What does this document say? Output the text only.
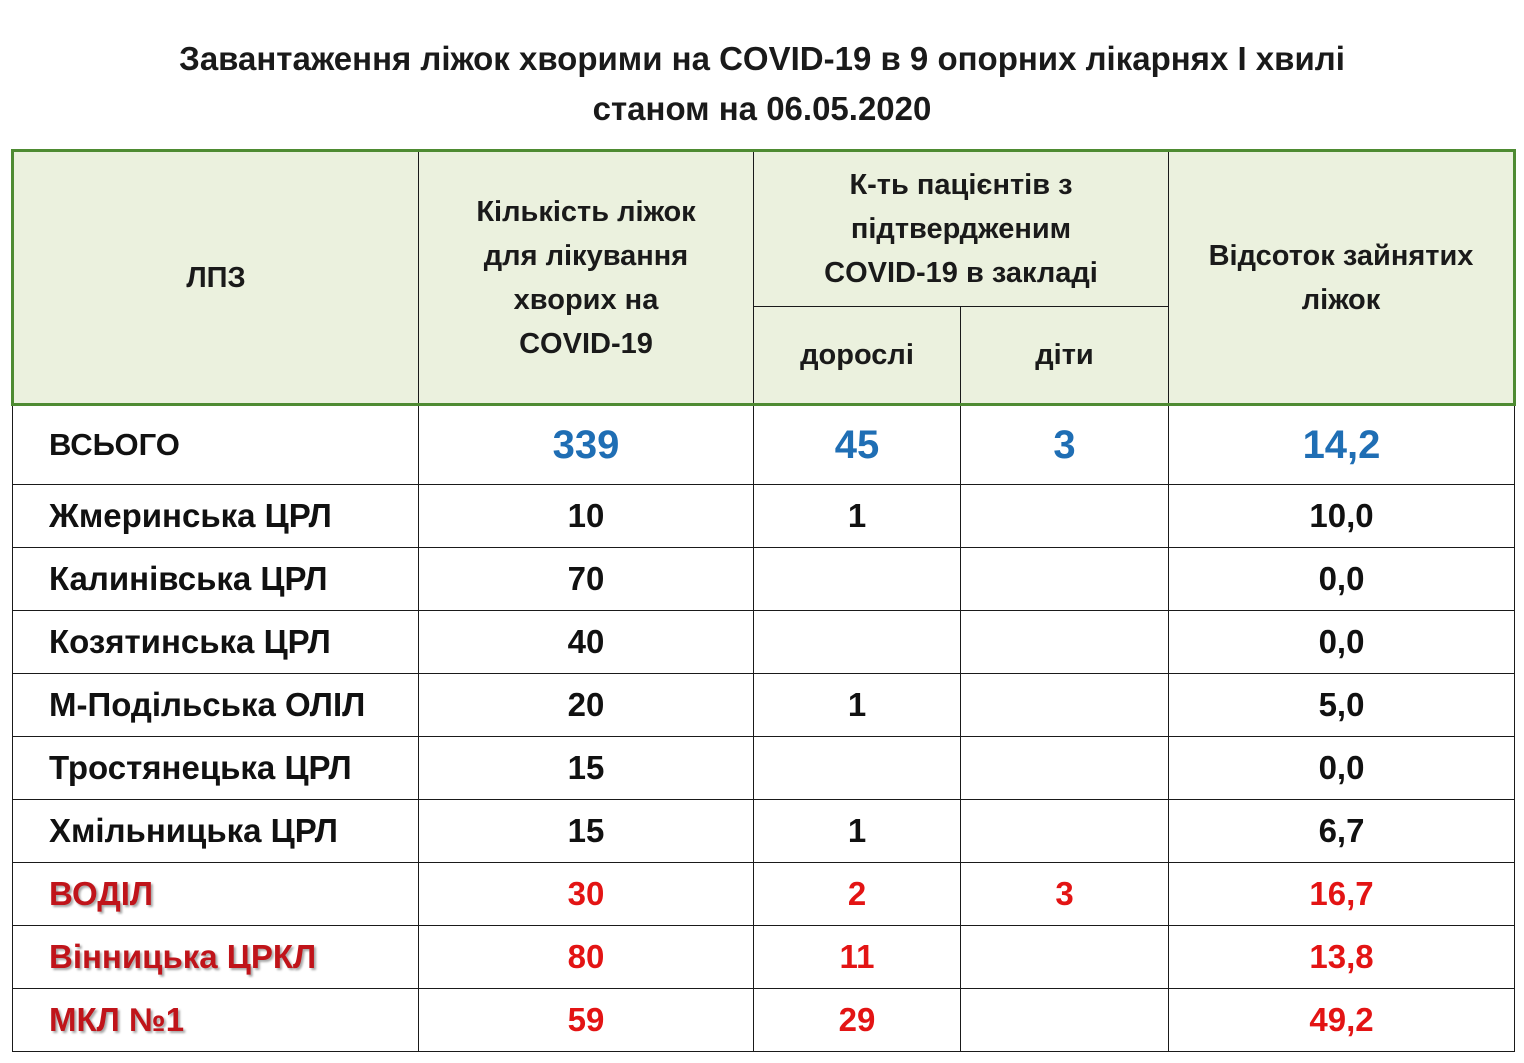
Завантаження ліжок хворими на COVID-19 в 9 опорних лікарнях І хвилі
станом на 06.05.2020
ЛПЗ	Кількість ліжок для лікування хворих на COVID-19	К-ть пацієнтів з підтвердженим COVID-19 в закладі		Відсоток зайнятих ліжок
		дорослі	діти	
ВСЬОГО	339	45	3	14,2
Жмеринська ЦРЛ	10	1		10,0
Калинівська ЦРЛ	70			0,0
Козятинська ЦРЛ	40			0,0
М-Подільська ОЛІЛ	20	1		5,0
Тростянецька ЦРЛ	15			0,0
Хмільницька ЦРЛ	15	1		6,7
ВОДІЛ	30	2	3	16,7
Вінницька ЦРКЛ	80	11		13,8
МКЛ №1	59	29		49,2
